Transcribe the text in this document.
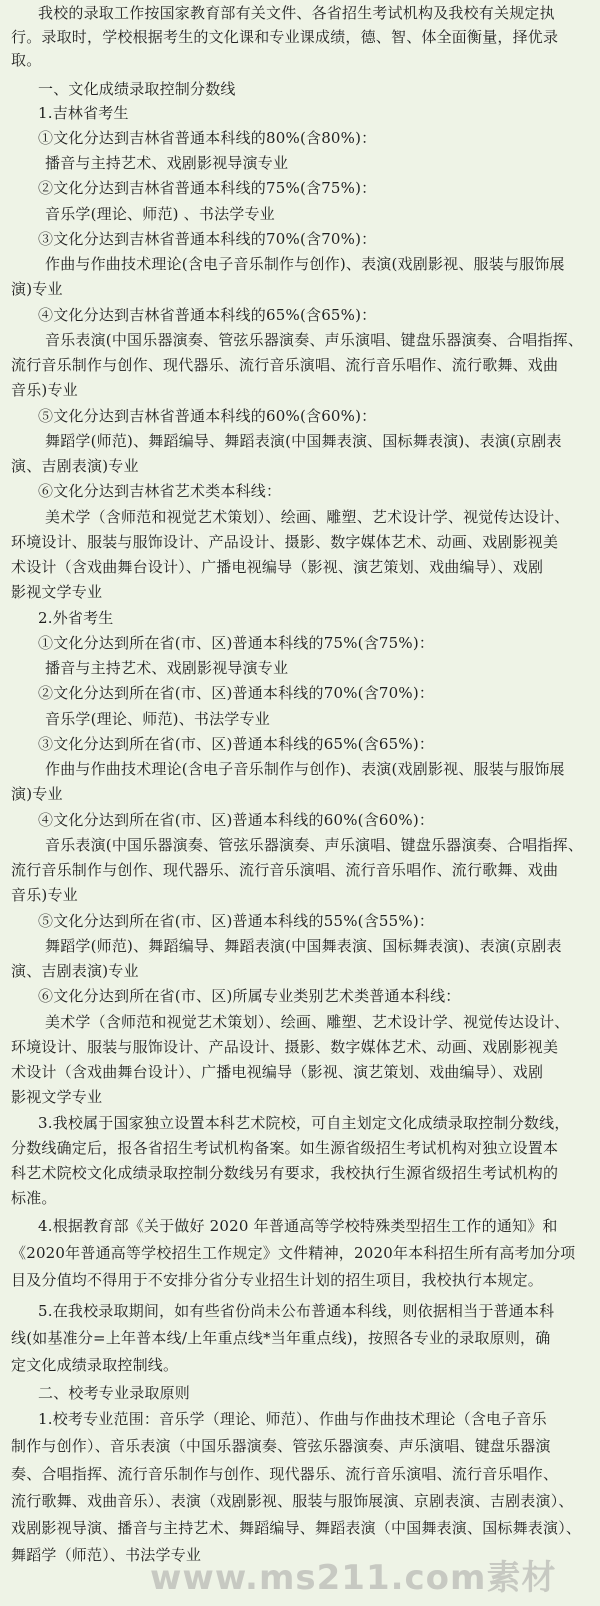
我校的录取工作按国家教育部有关文件、各省招生考试机构及我校有关规定执
行。录取时，学校根据考生的文化课和专业课成绩，德、智、体全面衡量，择优录
取。
一、文化成绩录取控制分数线
1.吉林省考生
①文化分达到吉林省普通本科线的80%(含80%)：
播音与主持艺术、戏剧影视导演专业
②文化分达到吉林省普通本科线的75%(含75%)：
音乐学(理论、师范) 、书法学专业
③文化分达到吉林省普通本科线的70%(含70%)：
作曲与作曲技术理论(含电子音乐制作与创作)、表演(戏剧影视、服装与服饰展
演)专业
④文化分达到吉林省普通本科线的65%(含65%)：
音乐表演(中国乐器演奏、管弦乐器演奏、声乐演唱、键盘乐器演奏、合唱指挥、
流行音乐制作与创作、现代器乐、流行音乐演唱、流行音乐唱作、流行歌舞、戏曲
音乐)专业
⑤文化分达到吉林省普通本科线的60%(含60%)：
舞蹈学(师范)、舞蹈编导、舞蹈表演(中国舞表演、国标舞表演)、表演(京剧表
演、吉剧表演)专业
⑥文化分达到吉林省艺术类本科线：
美术学（含师范和视觉艺术策划）、绘画、雕塑、艺术设计学、视觉传达设计、
环境设计、服装与服饰设计、产品设计、摄影、数字媒体艺术、动画、戏剧影视美
术设计（含戏曲舞台设计）、广播电视编导（影视、演艺策划、戏曲编导）、戏剧
影视文学专业
2.外省考生
①文化分达到所在省(市、区)普通本科线的75%(含75%)：
播音与主持艺术、戏剧影视导演专业
②文化分达到所在省(市、区)普通本科线的70%(含70%)：
音乐学(理论、师范)、书法学专业
③文化分达到所在省(市、区)普通本科线的65%(含65%)：
作曲与作曲技术理论(含电子音乐制作与创作)、表演(戏剧影视、服装与服饰展
演)专业
④文化分达到所在省(市、区)普通本科线的60%(含60%)：
音乐表演(中国乐器演奏、管弦乐器演奏、声乐演唱、键盘乐器演奏、合唱指挥、
流行音乐制作与创作、现代器乐、流行音乐演唱、流行音乐唱作、流行歌舞、戏曲
音乐)专业
⑤文化分达到所在省(市、区)普通本科线的55%(含55%)：
舞蹈学(师范)、舞蹈编导、舞蹈表演(中国舞表演、国标舞表演)、表演(京剧表
演、吉剧表演)专业
⑥文化分达到所在省(市、区)所属专业类别艺术类普通本科线：
美术学（含师范和视觉艺术策划）、绘画、雕塑、艺术设计学、视觉传达设计、
环境设计、服装与服饰设计、产品设计、摄影、数字媒体艺术、动画、戏剧影视美
术设计（含戏曲舞台设计）、广播电视编导（影视、演艺策划、戏曲编导）、戏剧
影视文学专业
3.我校属于国家独立设置本科艺术院校，可自主划定文化成绩录取控制分数线，
分数线确定后，报各省招生考试机构备案。如生源省级招生考试机构对独立设置本
科艺术院校文化成绩录取控制分数线另有要求，我校执行生源省级招生考试机构的
标准。
4.根据教育部《关于做好 2020 年普通高等学校特殊类型招生工作的通知》和
《2020年普通高等学校招生工作规定》文件精神，2020年本科招生所有高考加分项
目及分值均不得用于不安排分省分专业招生计划的招生项目，我校执行本规定。
5.在我校录取期间，如有些省份尚未公布普通本科线，则依据相当于普通本科
线(如基准分=上年普本线/上年重点线*当年重点线)，按照各专业的录取原则，确
定文化成绩录取控制线。
二、校考专业录取原则
1.校考专业范围：音乐学（理论、师范）、作曲与作曲技术理论（含电子音乐
制作与创作）、音乐表演（中国乐器演奏、管弦乐器演奏、声乐演唱、键盘乐器演
奏、合唱指挥、流行音乐制作与创作、现代器乐、流行音乐演唱、流行音乐唱作、
流行歌舞、戏曲音乐）、表演（戏剧影视、服装与服饰展演、京剧表演、吉剧表演）、
戏剧影视导演、播音与主持艺术、舞蹈编导、舞蹈表演（中国舞表演、国标舞表演）、
舞蹈学（师范）、书法学专业
www.ms211.com素材
